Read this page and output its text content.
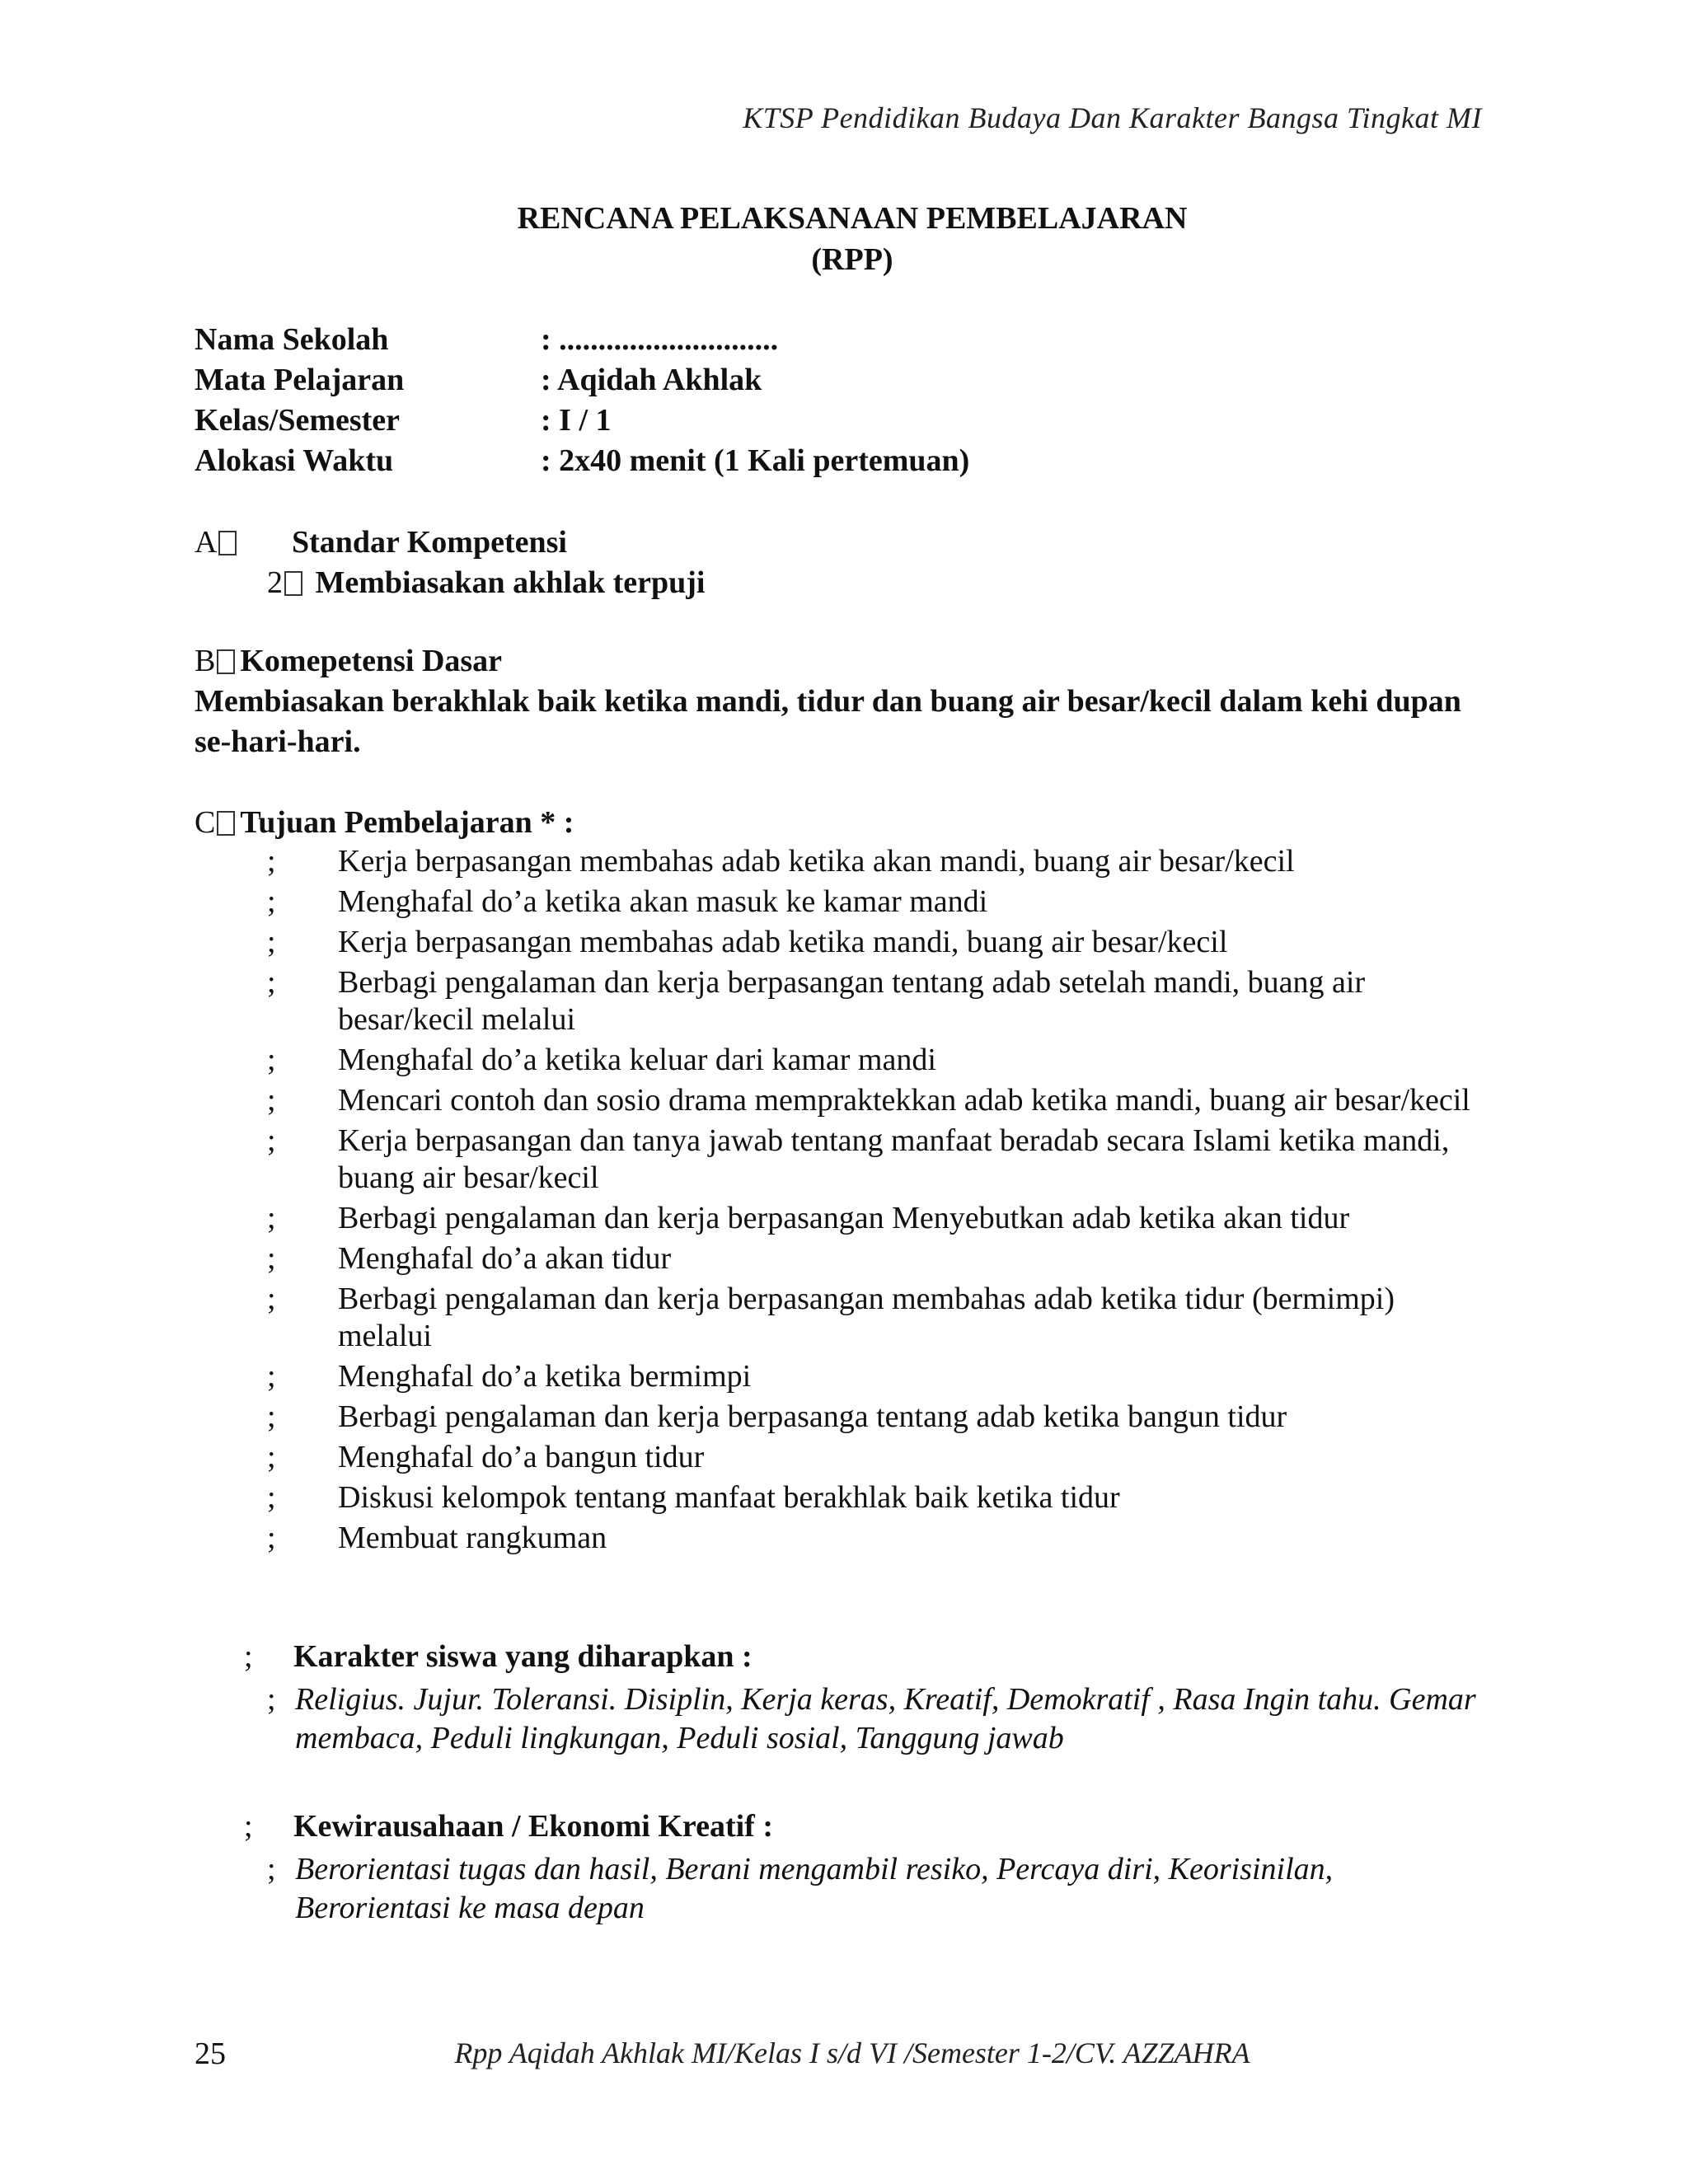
KTSP Pendidikan Budaya Dan Karakter Bangsa Tingkat MI
RENCANA PELAKSANAAN PEMBELAJARAN
(RPP)
Nama Sekolah	: ............................
Mata Pelajaran	: Aqidah Akhlak
Kelas/Semester	: I / 1
Alokasi Waktu	: 2x40 menit (1 Kali pertemuan)
A	Standar Kompetensi
2 Membiasakan akhlak terpuji
B Komepetensi Dasar
Membiasakan berakhlak baik ketika mandi, tidur dan buang air besar/kecil dalam kehi dupan se-hari-hari.
C Tujuan Pembelajaran * :
;	Kerja berpasangan membahas adab ketika akan mandi, buang air besar/kecil
;	Menghafal do’a ketika akan masuk ke kamar mandi
;	Kerja berpasangan membahas adab ketika mandi, buang air besar/kecil
;	Berbagi pengalaman dan kerja berpasangan tentang adab setelah mandi, buang air besar/kecil melalui
;	Menghafal do’a ketika keluar dari kamar mandi
;	Mencari contoh dan sosio drama mempraktekkan adab ketika mandi, buang air besar/kecil
;	Kerja berpasangan dan tanya jawab tentang manfaat beradab secara Islami ketika mandi, buang air besar/kecil
;	Berbagi pengalaman dan kerja berpasangan Menyebutkan adab ketika akan tidur
;	Menghafal do’a akan tidur
;	Berbagi pengalaman dan kerja berpasangan membahas adab ketika tidur (bermimpi) melalui
;	Menghafal do’a ketika bermimpi
;	Berbagi pengalaman dan kerja berpasanga tentang adab ketika bangun tidur
;	Menghafal do’a bangun tidur
;	Diskusi kelompok tentang manfaat berakhlak baik ketika tidur
;	Membuat rangkuman
;	Karakter siswa yang diharapkan :
; Religius. Jujur. Toleransi. Disiplin, Kerja keras, Kreatif, Demokratif , Rasa Ingin tahu. Gemar membaca, Peduli lingkungan, Peduli sosial, Tanggung jawab
;	Kewirausahaan / Ekonomi Kreatif :
; Berorientasi tugas dan hasil, Berani mengambil resiko, Percaya diri, Keorisinilan, Berorientasi ke masa depan
25	Rpp Aqidah Akhlak MI/Kelas I s/d VI /Semester 1-2/CV. AZZAHRA
